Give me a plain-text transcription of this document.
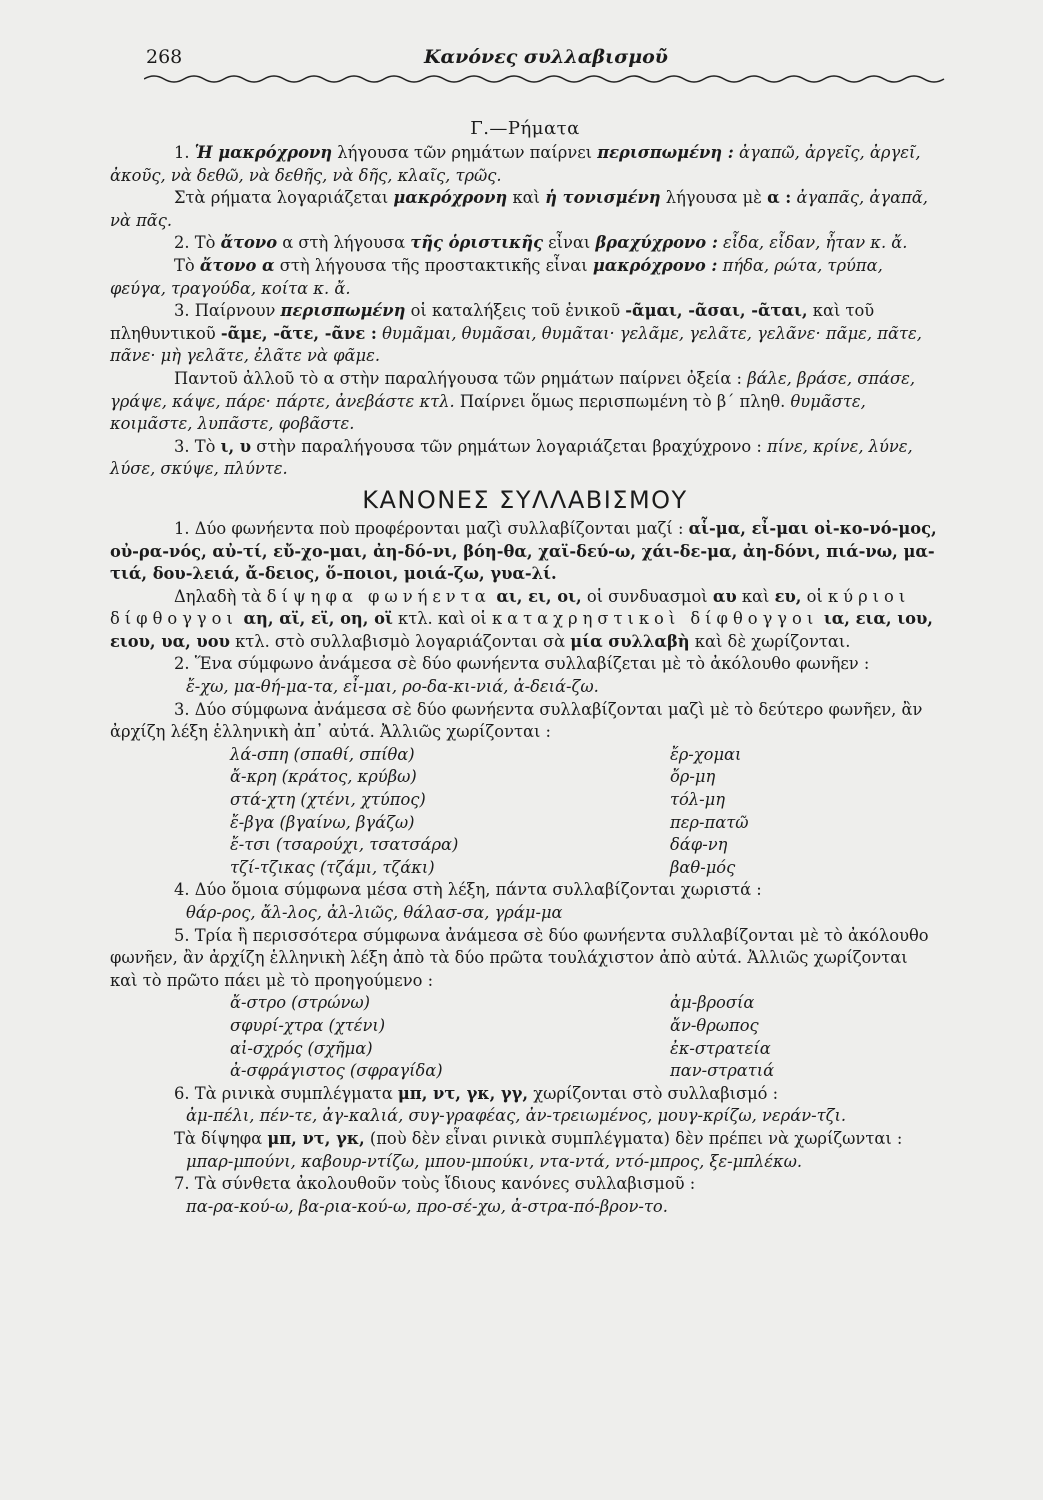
268	Κανόνες συλλαβισμοῦ
Γ.—Ρήματα

1. Ἡ μακρόχρονη λήγουσα τῶν ρημάτων παίρνει περισπωμένη : ἀγαπῶ, ἀργεῖς, ἀργεῖ, ἀκοῦς, νὰ δεθῶ, νὰ δεθῆς, νὰ δῆς, κλαῖς, τρῶς.

Στὰ ρήματα λογαριάζεται μακρόχρονη καὶ ἡ τονισμένη λήγουσα μὲ α : ἀγαπᾶς, ἀγαπᾶ, νὰ πᾶς.

2. Τὸ ἄτονο α στὴ λήγουσα τῆς ὁριστικῆς εἶναι βραχύχρονο : εἶδα, εἶδαν, ἦταν κ. ἄ.

Τὸ ἄτονο α στὴ λήγουσα τῆς προστακτικῆς εἶναι μακρόχρονο : πήδα, ρώτα, τρύπα, φεύγα, τραγούδα, κοίτα κ. ἄ.

3. Παίρνουν περισπωμένη οἱ καταλήξεις τοῦ ἑνικοῦ -ᾶμαι, -ᾶσαι, -ᾶται, καὶ τοῦ πληθυντικοῦ -ᾶμε, -ᾶτε, -ᾶνε : θυμᾶμαι, θυμᾶσαι, θυμᾶται· γελᾶμε, γελᾶτε, γελᾶνε· πᾶμε, πᾶτε, πᾶνε· μὴ γελᾶτε, ἐλᾶτε νὰ φᾶμε.

Παντοῦ ἀλλοῦ τὸ α στὴν παραλήγουσα τῶν ρημάτων παίρνει ὀξεία : βάλε, βράσε, σπάσε, γράψε, κάψε, πάρε· πάρτε, ἀνεβάστε κτλ. Παίρνει ὅμως περισπωμένη τὸ β΄ πληθ. θυμᾶστε, κοιμᾶστε, λυπᾶστε, φοβᾶστε.

3. Τὸ ι, υ στὴν παραλήγουσα τῶν ρημάτων λογαριάζεται βραχύχρονο : πίνε, κρίνε, λύνε, λύσε, σκύψε, πλύντε.

ΚΑΝΟΝΕΣ ΣΥΛΛΑΒΙΣΜΟΥ

1. Δύο φωνήεντα ποὺ προφέρονται μαζὶ συλλαβίζονται μαζί : αἷ-μα, εἶ-μαι οἰ-κο-νό-μος, οὐ-ρα-νός, αὐ-τί, εὔ-χο-μαι, ἀη-δό-νι, βόη-θα, χαϊ-δεύ-ω, χάι-δε-μα, ἀη-δόνι, πιά-νω, μα-τιά, δου-λειά, ἄ-δειος, ὅ-ποιοι, μοιά-ζω, γυα-λί.

Δηλαδὴ τὰ δίψηφα φωνήεντα αι, ει, οι, οἱ συνδυασμοὶ αυ καὶ ευ, οἱ κύριοι δίφθογγοι αη, αϊ, εϊ, οη, οϊ κτλ. καὶ οἱ καταχρηστικοὶ δίφθογγοι ια, εια, ιου, ειου, υα, υου κτλ. στὸ συλλαβισμὸ λογαριάζονται σὰ μία συλλαβὴ καὶ δὲ χωρίζονται.

2. Ἕνα σύμφωνο ἀνάμεσα σὲ δύο φωνήεντα συλλαβίζεται μὲ τὸ ἀκόλουθο φωνῆεν :

ἔ-χω, μα-θή-μα-τα, εἶ-μαι, ρο-δα-κι-νιά, ἀ-δειά-ζω.

3. Δύο σύμφωνα ἀνάμεσα σὲ δύο φωνήεντα συλλαβίζονται μαζὶ μὲ τὸ δεύτερο φωνῆεν, ἂν ἀρχίζη λέξη ἑλληνικὴ ἀπ᾿ αὐτά. Ἀλλιῶς χωρίζονται :

λά-σπη (σπαθί, σπίθα)	ἔρ-χομαι
ἄ-κρη (κράτος, κρύβω)	ὄρ-μη
στά-χτη (χτένι, χτύπος)	τόλ-μη
ἔ-βγα (βγαίνω, βγάζω)	περ-πατῶ
ἔ-τσι (τσαρούχι, τσατσάρα)	δάφ-νη
τζί-τζικας (τζάμι, τζάκι)	βαθ-μός

4. Δύο ὅμοια σύμφωνα μέσα στὴ λέξη, πάντα συλλαβίζονται χωριστά :

θάρ-ρος, ἄλ-λος, ἀλ-λιῶς, θάλασ-σα, γράμ-μα

5. Τρία ἢ περισσότερα σύμφωνα ἀνάμεσα σὲ δύο φωνήεντα συλλαβίζονται μὲ τὸ ἀκόλουθο φωνῆεν, ἂν ἀρχίζη ἑλληνικὴ λέξη ἀπὸ τὰ δύο πρῶτα τουλάχιστον ἀπὸ αὐτά. Ἀλλιῶς χωρίζονται καὶ τὸ πρῶτο πάει μὲ τὸ προηγούμενο :

ἄ-στρο (στρώνω)	ἀμ-βροσία
σφυρί-χτρα (χτένι)	ἄν-θρωπος
αἰ-σχρός (σχῆμα)	ἐκ-στρατεία
ἀ-σφράγιστος (σφραγίδα)	παν-στρατιά

6. Τὰ ρινικὰ συμπλέγματα μπ, ντ, γκ, γγ, χωρίζονται στὸ συλλαβισμό :

ἀμ-πέλι, πέν-τε, ἀγ-καλιά, συγ-γραφέας, ἀν-τρειωμένος, μουγ-κρίζω, νεράν-τζι.

Τὰ δίψηφα μπ, ντ, γκ, (ποὺ δὲν εἶναι ρινικὰ συμπλέγματα) δὲν πρέπει νὰ χωρίζωνται :

μπαρ-μπούνι, καβουρ-ντίζω, μπου-μπούκι, ντα-ντά, ντό-μπρος, ξε-μπλέκω.

7. Τὰ σύνθετα ἀκολουθοῦν τοὺς ἴδιους κανόνες συλλαβισμοῦ :

πα-ρα-κού-ω, βα-ρια-κού-ω, προ-σέ-χω, ἀ-στρα-πό-βρον-το.
